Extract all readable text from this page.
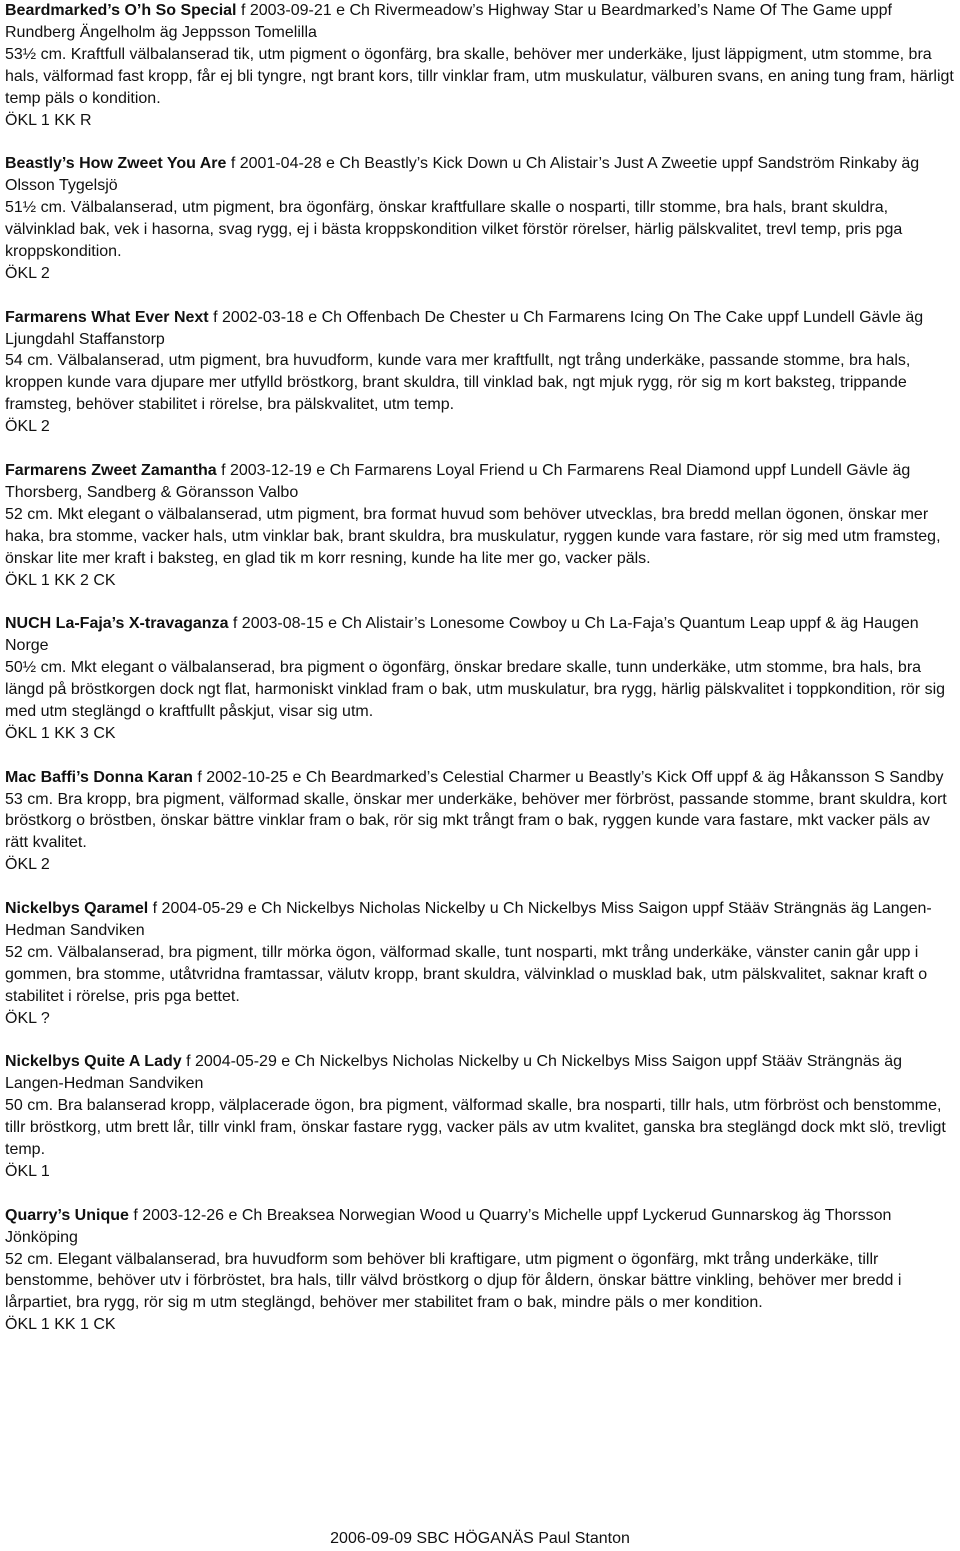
Beardmarked’s O’h So Special f 2003-09-21 e Ch Rivermeadow’s Highway Star u Beardmarked’s Name Of The Game uppf Rundberg Ängelholm äg Jeppsson Tomelilla
53½ cm. Kraftfull välbalanserad tik, utm pigment o ögonfärg, bra skalle, behöver mer underkäke, ljust läppigment, utm stomme, bra hals, välformad fast kropp, får ej bli tyngre, ngt brant kors, tillr vinklar fram, utm muskulatur, välburen svans, en aning tung fram, härligt temp päls o kondition.
ÖKL 1 KK R
Beastly’s How Zweet You Are f 2001-04-28 e Ch Beastly’s Kick Down u Ch Alistair’s Just A Zweetie uppf Sandström Rinkaby äg Olsson Tygelsjö
51½ cm. Välbalanserad, utm pigment, bra ögonfärg, önskar kraftfullare skalle o nosparti, tillr stomme, bra hals, brant skuldra, välvinklad bak, vek i hasorna, svag rygg, ej i bästa kroppskondition vilket förstör rörelser, härlig pälskvalitet, trevl temp, pris pga kroppskondition.
ÖKL 2
Farmarens What Ever Next f 2002-03-18 e Ch Offenbach De Chester u Ch Farmarens Icing On The Cake uppf Lundell Gävle äg Ljungdahl Staffanstorp
54 cm. Välbalanserad, utm pigment, bra huvudform, kunde vara mer kraftfullt, ngt trång underkäke, passande stomme, bra hals, kroppen kunde vara djupare mer utfylld bröstkorg, brant skuldra, till vinklad bak, ngt mjuk rygg, rör sig m kort baksteg, trippande framsteg, behöver stabilitet i rörelse, bra pälskvalitet, utm temp.
ÖKL 2
Farmarens Zweet Zamantha f 2003-12-19 e Ch Farmarens Loyal Friend u Ch Farmarens Real Diamond uppf Lundell Gävle äg Thorsberg, Sandberg & Göransson Valbo
52 cm. Mkt elegant o välbalanserad, utm pigment, bra format huvud som behöver utvecklas, bra bredd mellan ögonen, önskar mer haka, bra stomme, vacker hals, utm vinklar bak, brant skuldra, bra muskulatur, ryggen kunde vara fastare, rör sig med utm framsteg, önskar lite mer kraft i baksteg, en glad tik m korr resning, kunde ha lite mer go, vacker päls.
ÖKL 1 KK 2 CK
NUCH La-Faja’s X-travaganza f 2003-08-15 e Ch Alistair’s Lonesome Cowboy u Ch La-Faja’s Quantum Leap uppf & äg Haugen Norge
50½ cm. Mkt elegant o välbalanserad, bra pigment o ögonfärg, önskar bredare skalle, tunn underkäke, utm stomme, bra hals, bra längd på bröstkorgen dock ngt flat, harmoniskt vinklad fram o bak, utm muskulatur, bra rygg, härlig pälskvalitet i toppkondition, rör sig med utm steglängd o kraftfullt påskjut, visar sig utm.
ÖKL 1 KK 3 CK
Mac Baffi’s Donna Karan f 2002-10-25 e Ch Beardmarked’s Celestial Charmer u Beastly’s Kick Off uppf & äg Håkansson S Sandby
53 cm. Bra kropp, bra pigment, välformad skalle, önskar mer underkäke, behöver mer förbröst, passande stomme, brant skuldra, kort bröstkorg o bröstben, önskar bättre vinklar fram o bak, rör sig mkt trångt fram o bak, ryggen kunde vara fastare, mkt vacker päls av rätt kvalitet.
ÖKL 2
Nickelbys Qaramel f 2004-05-29 e Ch Nickelbys Nicholas Nickelby u Ch Nickelbys Miss Saigon uppf Stääv Strängnäs äg Langen-Hedman Sandviken
52 cm. Välbalanserad, bra pigment, tillr mörka ögon, välformad skalle, tunt nosparti, mkt trång underkäke, vänster canin går upp i gommen, bra stomme, utåtvridna framtassar, välutv kropp, brant skuldra, välvinklad o musklad bak, utm pälskvalitet, saknar kraft o stabilitet i rörelse, pris pga bettet.
ÖKL ?
Nickelbys Quite A Lady f 2004-05-29 e Ch Nickelbys Nicholas Nickelby u Ch Nickelbys Miss Saigon uppf Stääv Strängnäs äg Langen-Hedman Sandviken
50 cm. Bra balanserad kropp, välplacerade ögon, bra pigment, välformad skalle, bra nosparti, tillr hals, utm förbröst och benstomme, tillr bröstkorg, utm brett lår, tillr vinkl fram, önskar fastare rygg, vacker päls av utm kvalitet, ganska bra steglängd dock mkt slö, trevligt temp.
ÖKL 1
Quarry’s Unique f 2003-12-26 e Ch Breaksea Norwegian Wood u Quarry’s Michelle uppf Lyckerud Gunnarskog äg Thorsson Jönköping
52 cm. Elegant välbalanserad, bra huvudform som behöver bli kraftigare, utm pigment o ögonfärg, mkt trång underkäke, tillr benstomme, behöver utv i förbröstet, bra hals, tillr välvd bröstkorg o djup för åldern, önskar bättre vinkling, behöver mer bredd i lårpartiet, bra rygg, rör sig m utm steglängd, behöver mer stabilitet fram o bak, mindre päls o mer kondition.
ÖKL 1 KK 1 CK
2006-09-09 SBC HÖGANÄS Paul Stanton
